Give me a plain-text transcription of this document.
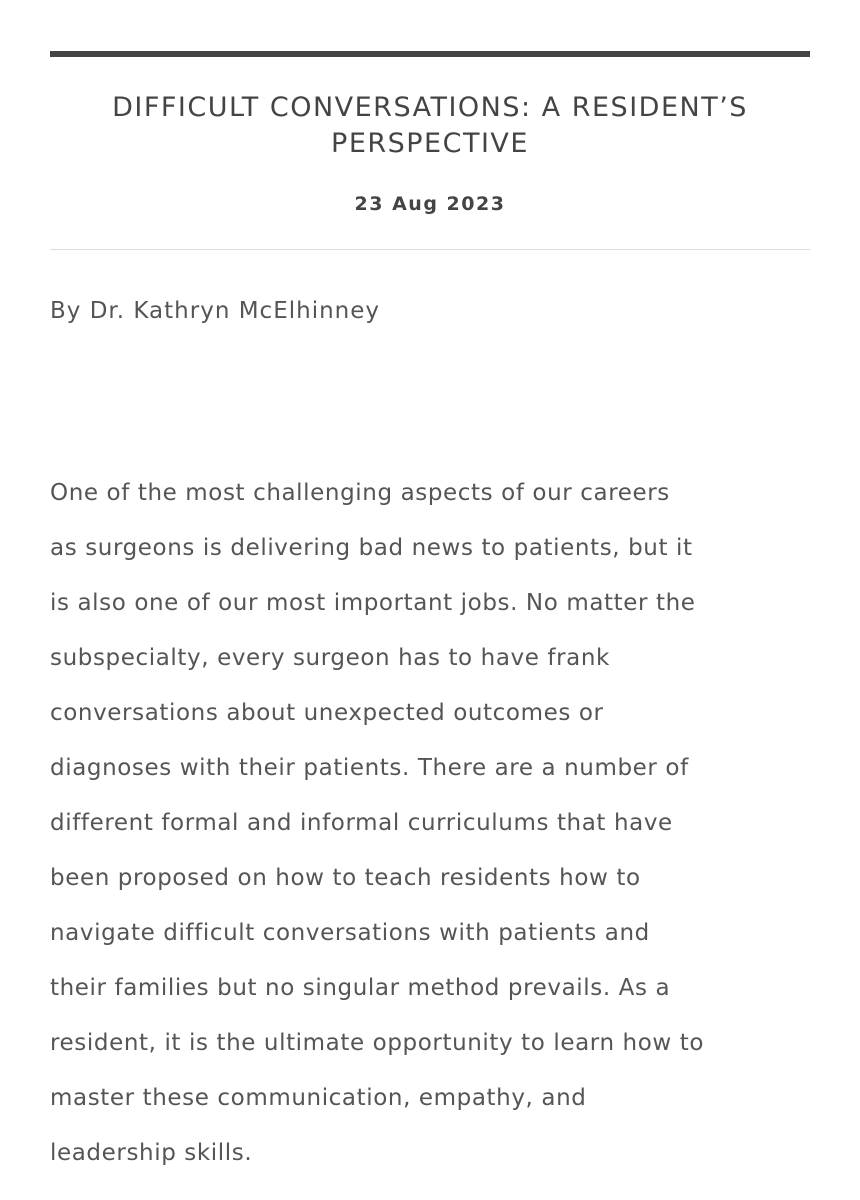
DIFFICULT CONVERSATIONS: A RESIDENT’S
PERSPECTIVE
23 Aug 2023

By Dr. Kathryn McElhinney

One of the most challenging aspects of our careers
as surgeons is delivering bad news to patients, but it
is also one of our most important jobs. No matter the
subspecialty, every surgeon has to have frank
conversations about unexpected outcomes or
diagnoses with their patients. There are a number of
different formal and informal curriculums that have
been proposed on how to teach residents how to
navigate difficult conversations with patients and
their families but no singular method prevails. As a
resident, it is the ultimate opportunity to learn how to
master these communication, empathy, and
leadership skills.
